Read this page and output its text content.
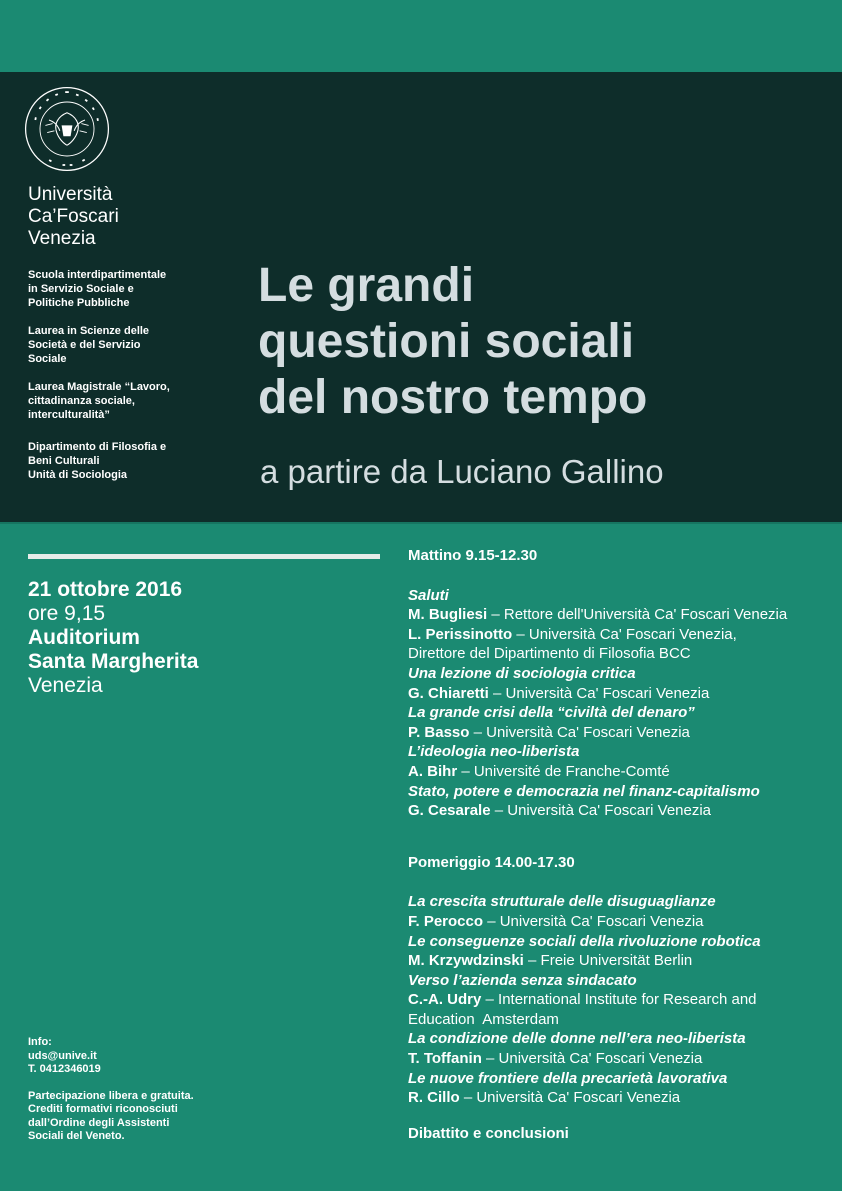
Università
Ca’Foscari
Venezia

Scuola interdipartimentale
in Servizio Sociale e
Politiche Pubbliche

Laurea in Scienze delle
Società e del Servizio
Sociale

Laurea Magistrale “Lavoro,
cittadinanza sociale,
interculturalità”

Dipartimento di Filosofia e
Beni Culturali
Unità di Sociologia

Le grandi
questioni sociali
del nostro tempo
a partire da Luciano Gallino
21 ottobre 2016
ore 9,15
Auditorium
Santa Margherita
Venezia
Mattino 9.15-12.30
Saluti
M. Bugliesi – Rettore dell'Università Ca' Foscari Venezia
L. Perissinotto – Università Ca' Foscari Venezia,
Direttore del Dipartimento di Filosofia BCC
Una lezione di sociologia critica
G. Chiaretti – Università Ca' Foscari Venezia
La grande crisi della “civiltà del denaro”
P. Basso – Università Ca' Foscari Venezia
L’ideologia neo-liberista
A. Bihr – Université de Franche-Comté
Stato, potere e democrazia nel finanz-capitalismo
G. Cesarale – Università Ca' Foscari Venezia
Pomeriggio 14.00-17.30
La crescita strutturale delle disuguaglianze
F. Perocco – Università Ca' Foscari Venezia
Le conseguenze sociali della rivoluzione robotica
M. Krzywdzinski – Freie Universität Berlin
Verso l’azienda senza sindacato
C.-A. Udry – International Institute for Research and
Education  Amsterdam
La condizione delle donne nell’era neo-liberista
T. Toffanin – Università Ca' Foscari Venezia
Le nuove frontiere della precarietà lavorativa
R. Cillo – Università Ca' Foscari Venezia
Dibattito e conclusioni

Info:
uds@unive.it
T. 0412346019

Partecipazione libera e gratuita.
Crediti formativi riconosciuti
dall’Ordine degli Assistenti
Sociali del Veneto.
